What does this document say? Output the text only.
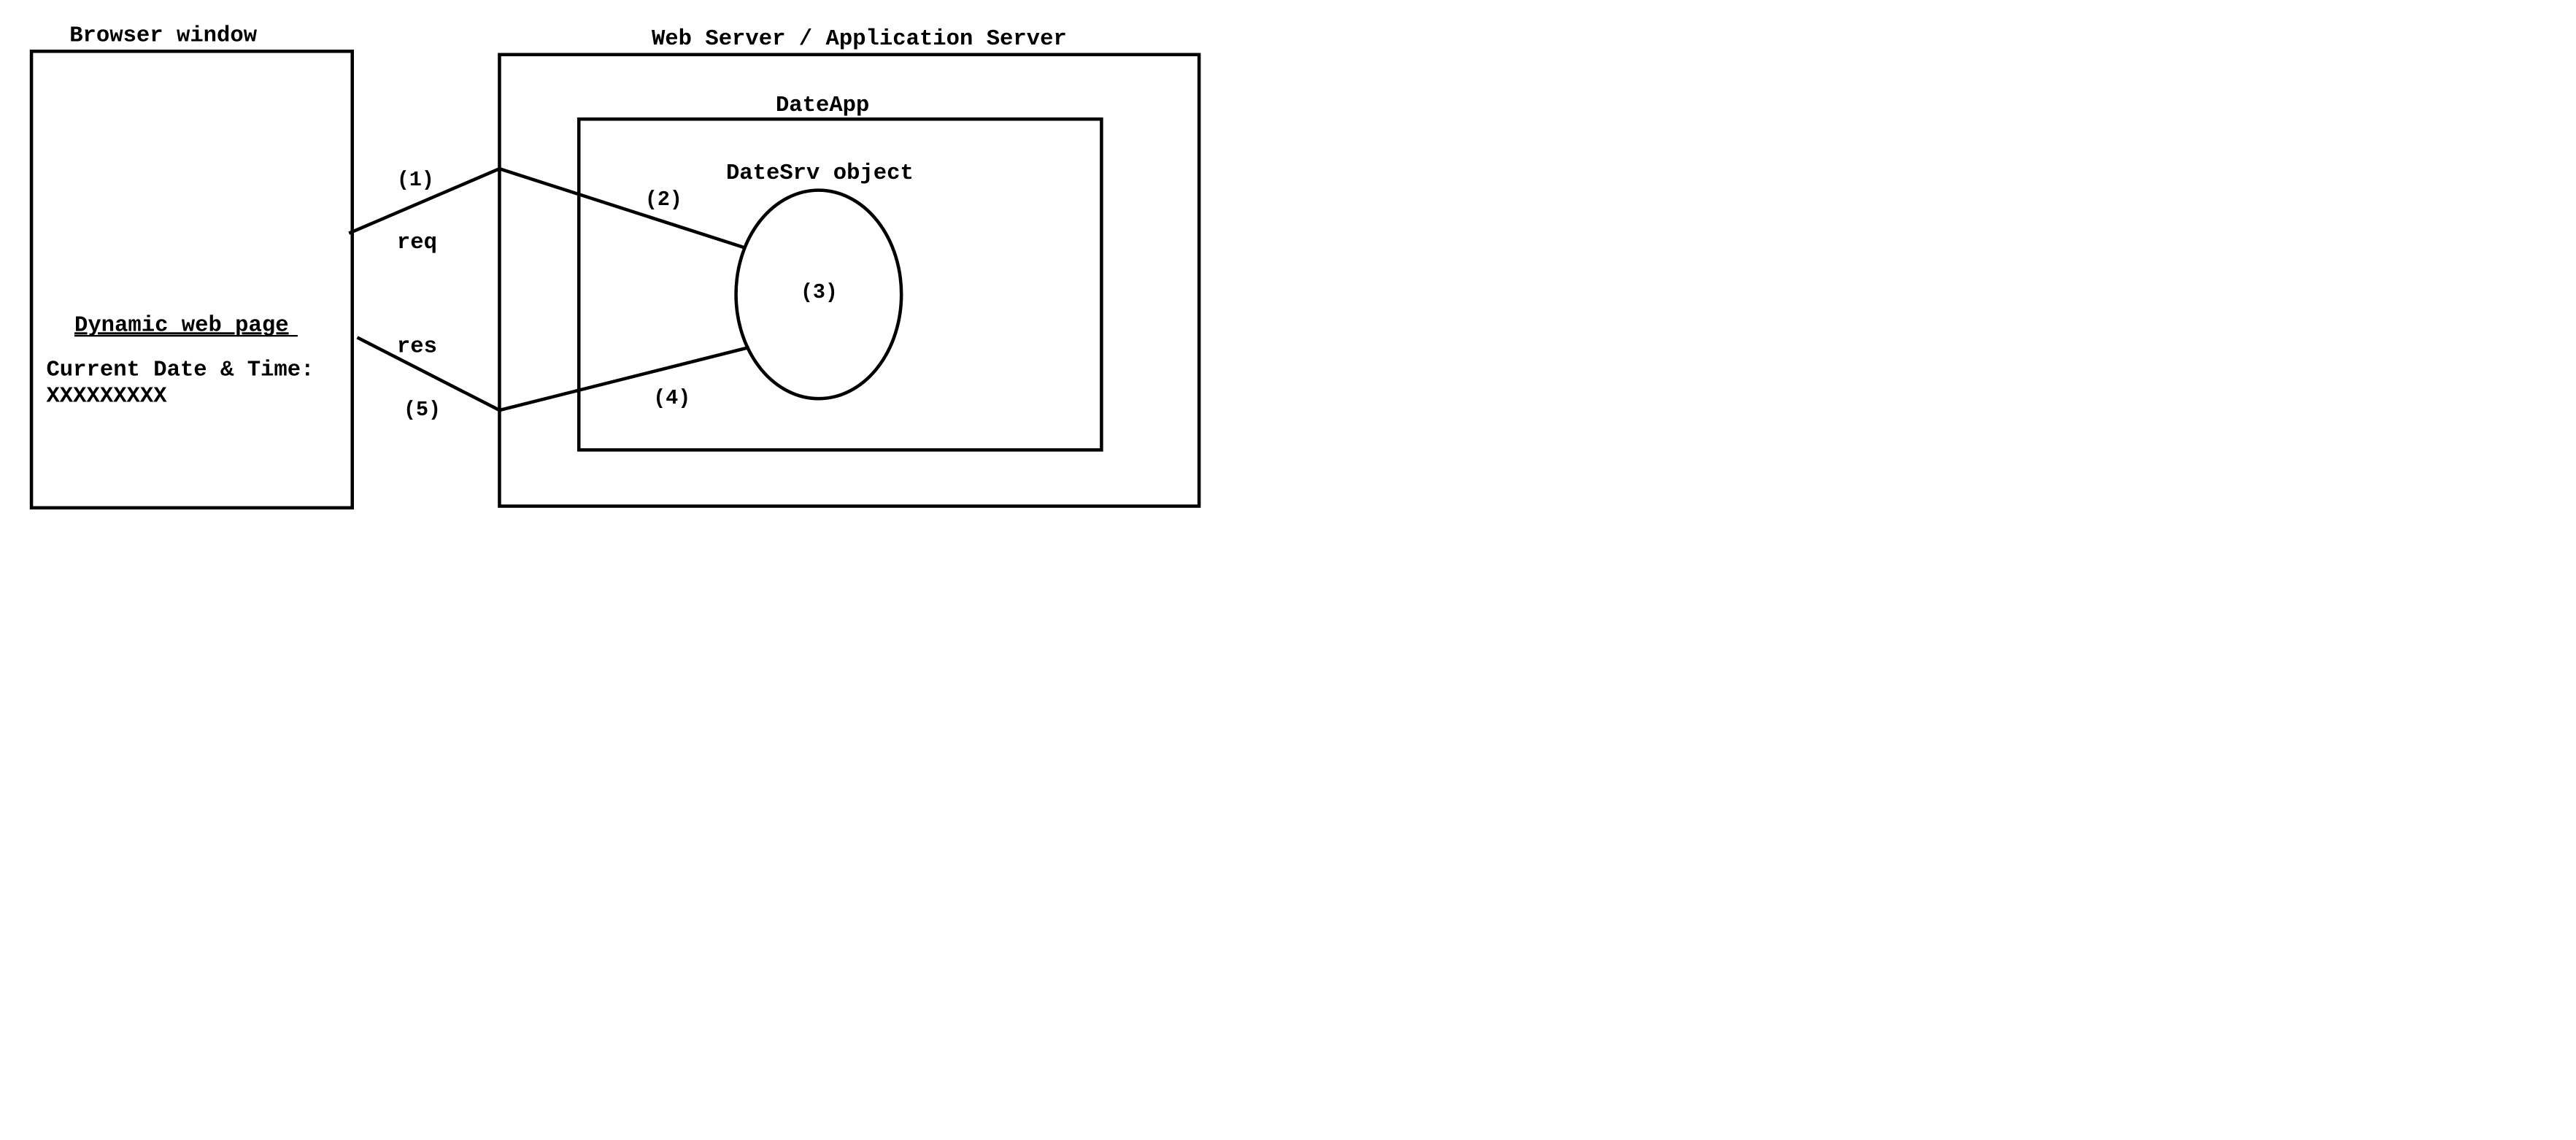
Browser window
Dynamic web page
Current Date & Time:
XXXXXXXXX
Web Server / Application Server
DateApp
DateSrv object
(3)
(1)
req
(2)
res
(5)	(4)
